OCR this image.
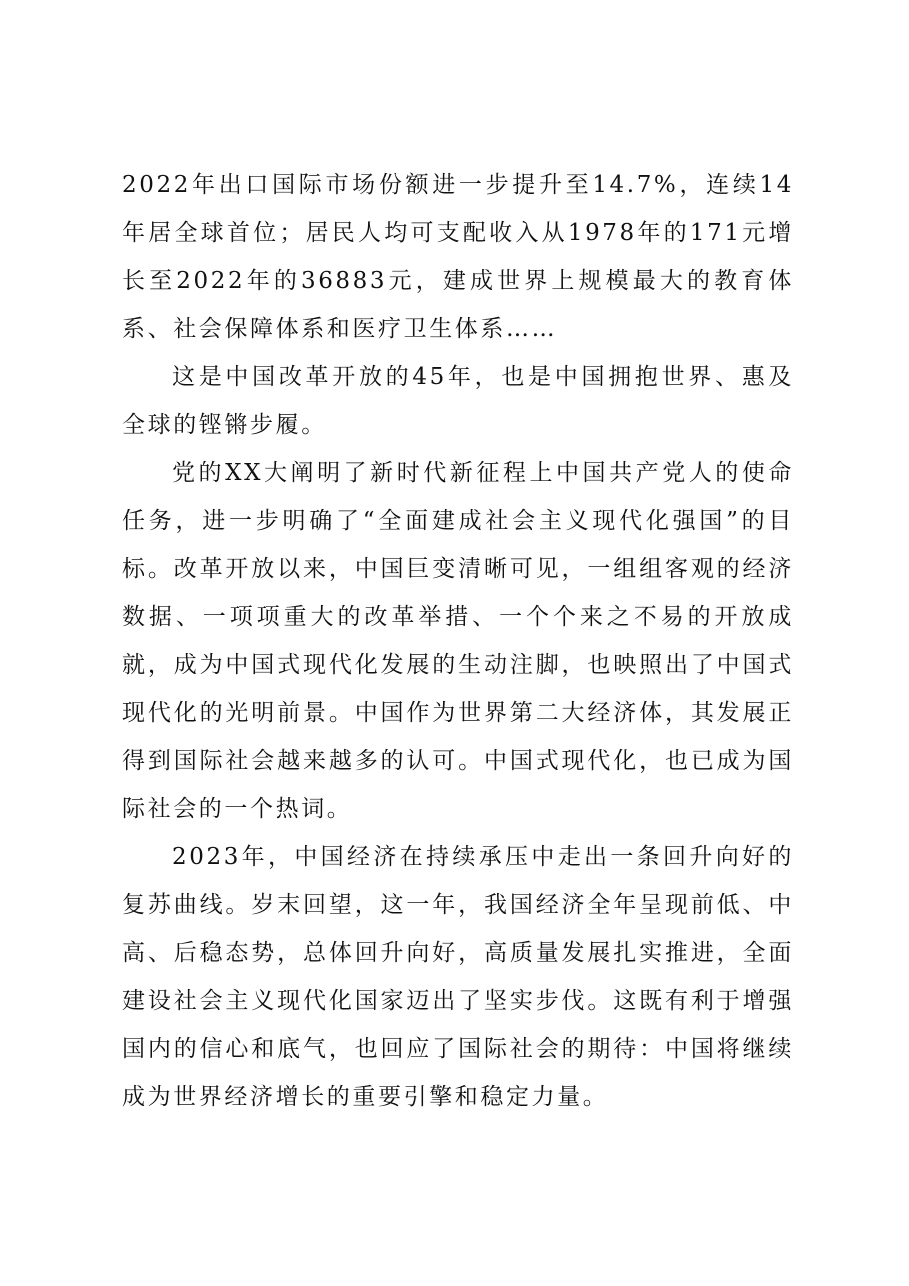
2022年出口国际市场份额进一步提升至14.7%，连续14年居全球首位；居民人均可支配收入从1978年的171元增长至2022年的36883元，建成世界上规模最大的教育体系、社会保障体系和医疗卫生体系……

这是中国改革开放的45年，也是中国拥抱世界、惠及全球的铿锵步履。

党的XX大阐明了新时代新征程上中国共产党人的使命任务，进一步明确了“全面建成社会主义现代化强国”的目标。改革开放以来，中国巨变清晰可见，一组组客观的经济数据、一项项重大的改革举措、一个个来之不易的开放成就，成为中国式现代化发展的生动注脚，也映照出了中国式现代化的光明前景。中国作为世界第二大经济体，其发展正得到国际社会越来越多的认可。中国式现代化，也已成为国际社会的一个热词。

2023年，中国经济在持续承压中走出一条回升向好的复苏曲线。岁末回望，这一年，我国经济全年呈现前低、中高、后稳态势，总体回升向好，高质量发展扎实推进，全面建设社会主义现代化国家迈出了坚实步伐。这既有利于增强国内的信心和底气，也回应了国际社会的期待：中国将继续成为世界经济增长的重要引擎和稳定力量。
